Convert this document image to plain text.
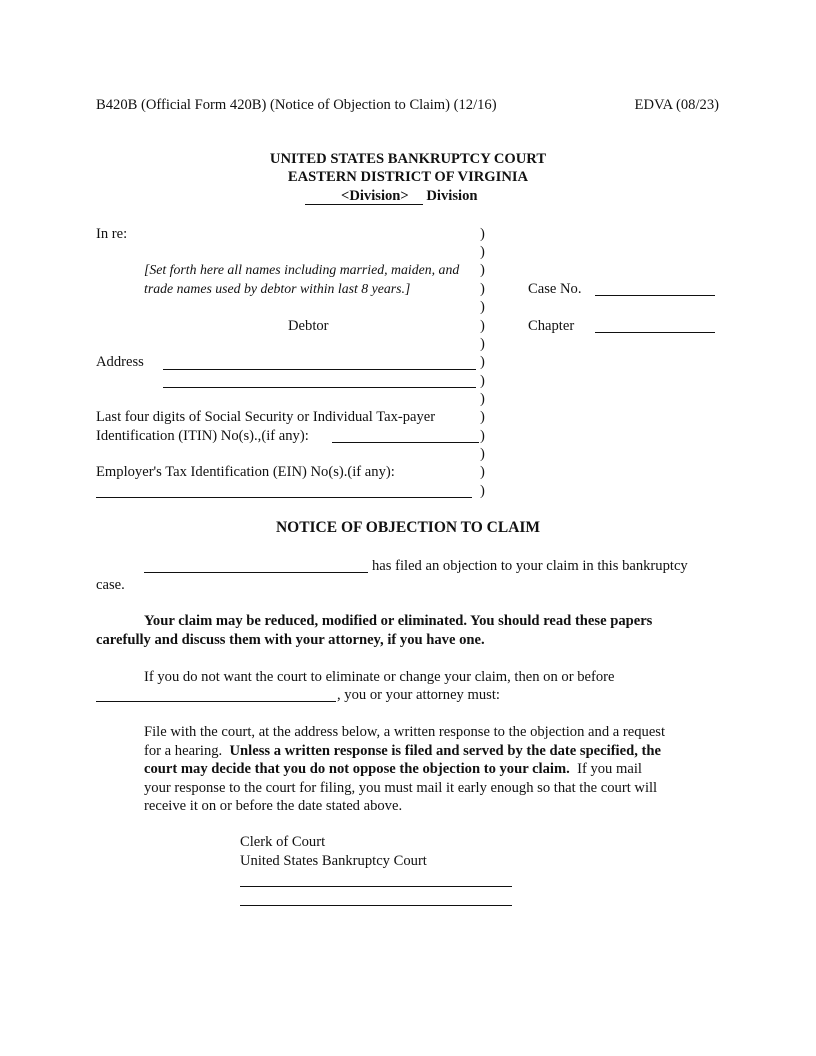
B420B (Official Form 420B) (Notice of Objection to Claim) (12/16)	EDVA (08/23)
UNITED STATES BANKRUPTCY COURT
EASTERN DISTRICT OF VIRGINIA
<Division> Division
In re:
[Set forth here all names including married, maiden, and
trade names used by debtor within last 8 years.]
Debtor
Address
Last four digits of Social Security or Individual Tax-payer
Identification (ITIN) No(s).,(if any):
Employer's Tax Identification (EIN) No(s).(if any):
)
)
)
)
)
)
)
)
)
)
)
)
)
)
)
Case No.
Chapter
NOTICE OF OBJECTION TO CLAIM
has filed an objection to your claim in this bankruptcy
case.
Your claim may be reduced, modified or eliminated. You should read these papers
carefully and discuss them with your attorney, if you have one.
If you do not want the court to eliminate or change your claim, then on or before
, you or your attorney must:
File with the court, at the address below, a written response to the objection and a request for a hearing. Unless a written response is filed and served by the date specified, the court may decide that you do not oppose the objection to your claim. If you mail your response to the court for filing, you must mail it early enough so that the court will receive it on or before the date stated above.
Clerk of Court
United States Bankruptcy Court
